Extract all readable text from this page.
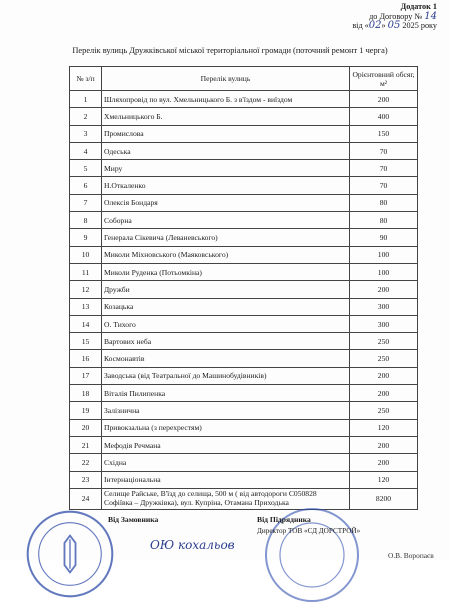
Додаток 1
до Договору № 14
від «02» 05 2025 року
Перелік вулиць Дружківської міської територіальної громади (поточний ремонт 1 черга)
№ з/п	Перелік вулиць	Орієнтовний обсяг, м²
1	Шляхопровід по вул. Хмельницького Б. з в'їздом - виїздом	200
2	Хмельницького Б.	400
3	Промислова	150
4	Одеська	70
5	Миру	70
6	Н.Откаленко	70
7	Олексія Бондаря	80
8	Соборна	80
9	Генерала Сікевича (Леваневського)	90
10	Миколи Міхновського (Маяковського)	100
11	Миколи Руденка (Потьомкіна)	100
12	Дружби	200
13	Козацька	300
14	О. Тихого	300
15	Вартових неба	250
16	Космонавтів	250
17	Заводська (від Театральної до Машинобудівників)	200
18	Віталія Пилипенка	200
19	Залізнична	250
20	Привокзальна (з перехрестям)	120
21	Мефодія Речмана	200
22	Східна	200
23	Інтернаціональна	120
24	Селище Райське, В'їзд до селища, 500 м ( від автодороги С050828 Софіївка – Дружківка), вул. Купріна, Отамана Приходька	8200
Від Замовника	Від Підрядника
Директор ТОВ «СД ДОРСТРОЙ»
ОЮ кохальов
О.В. Воропаєв
